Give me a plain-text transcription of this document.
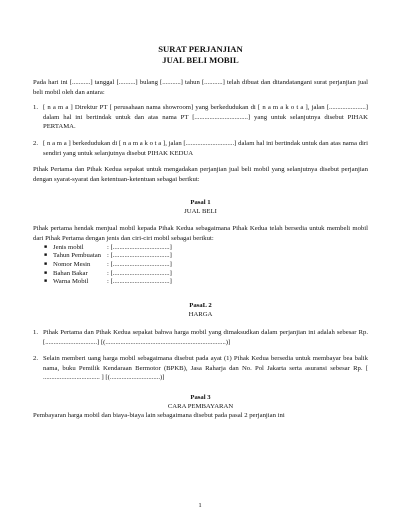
SURAT PERJANJIAN
JUAL BELI MOBIL
Pada hari ini [...........] tanggal [..........] bulang [...........] tahun [...........] telah dibuat dan ditandatangani surat perjanjian jual beli mobil oleh dan antara:
1. [ n a m a ] Direktur PT [ perusahaan nama showroom] yang berkedudukan di [ n a m a k o t a ], jalan [......................] dalam hal ini bertindak untuk dan atas nama PT [................................] yang untuk selanjutnya disebut PIHAK PERTAMA.
2. [ n a m a ] berkedudukan di [ n a m a k o t a ], jalan [.............................] dalam hal ini bertindak untuk dan atas nama diri sendiri yang untuk selanjutnya disebut PIHAK KEDUA
Pihak Pertama dan Pihak Kedua sepakat untuk mengadakan perjanjian jual beli mobil yang selanjutnya disebut perjanjian dengan syarat-syarat dan ketentuan-ketentuan sebagai berikut:
Pasal 1
JUAL BELI
Pihak pertama hendak menjual mobil kepada Pihak Kedua sebagaimana Pihak Kedua telah bersedia untuk membeli mobil dari Pihak Pertama dengan jenis dan ciri-ciri mobil sebagai berikut:
■ Jenis mobil	: [..................................]
■ Tahun Pembuatan : [..................................]
■ Nomor Mesin : [..................................]
■ Bahan Bakar	: [..................................]
■ Warna Mobil	: [..................................]
PasaL 2
HARGA
1. Pihak Pertama dan Pihak Kedua sepakat bahwa harga mobil yang dimaksudkan dalam perjanjian ini adalah sebesar Rp. [...............................] [(........................................................................)]
2. Selain memberi uang harga mobil sebagaimana disebut pada ayat (1) Pihak Kedua bersedia untuk membayar bea balik nama, buku Pemilik Kendaraan Bermotor (BPKB), Jasa Raharja dan No. Pol Jakarta serta asuransi sebesar Rp. [ .................................. ] [(..............................)]
Pasal 3
CARA PEMBAYARAN
Pembayaran harga mobil dan biaya-biaya lain sebagaimana disebut pada pasal 2 perjanjian ini
1
